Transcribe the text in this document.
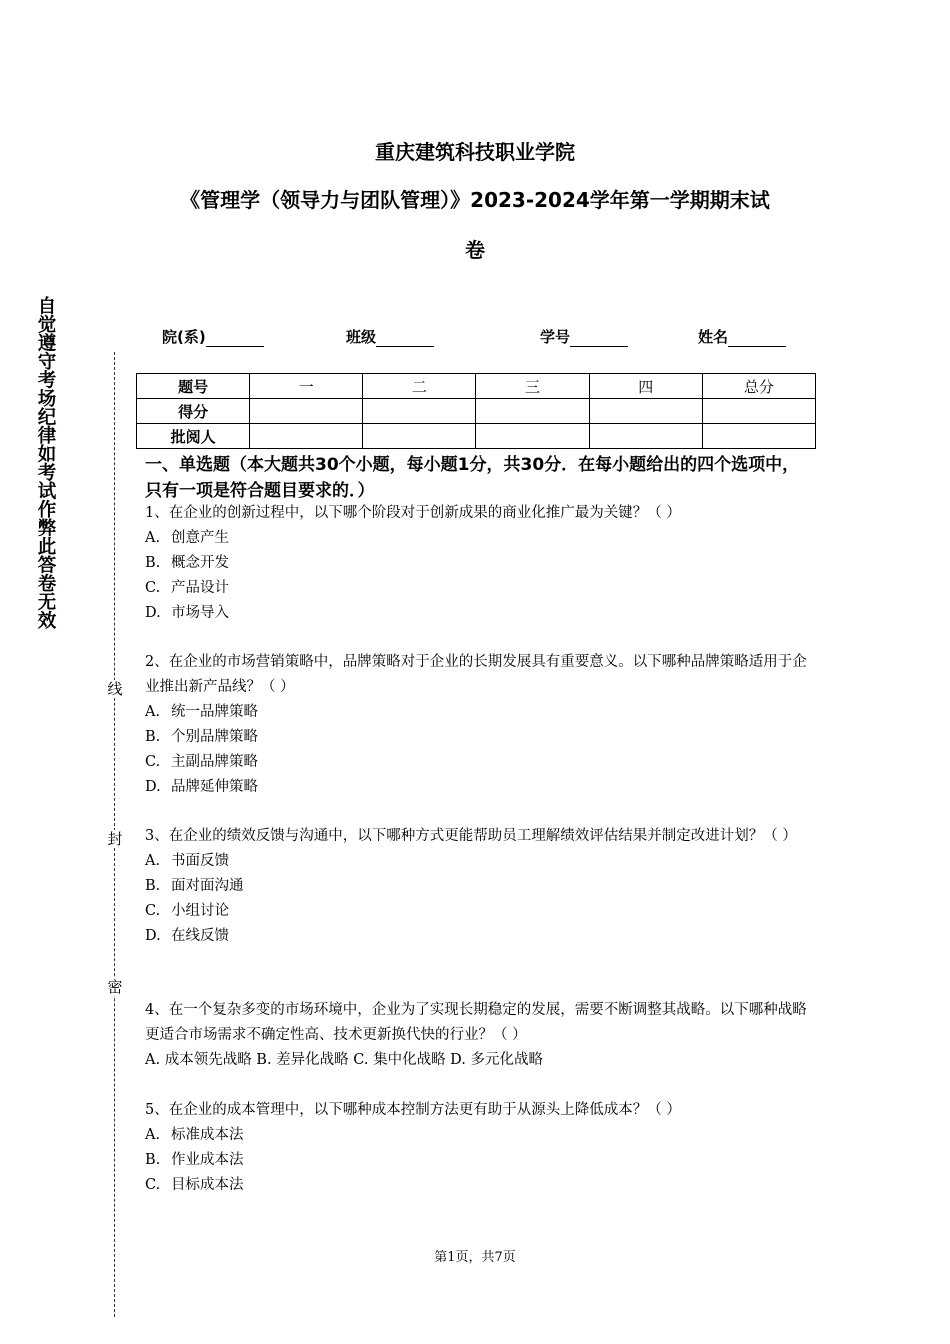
重庆建筑科技职业学院
《管理学（领导力与团队管理）》2023-2024学年第一学期期末试
卷
自觉遵守考场纪律如考试作弊此答卷无效
线
封
密
院(系)	班级	学号	姓名
题号	一	二	三	四	总分
得分					
批阅人					
一、单选题（本大题共30个小题，每小题1分，共30分．在每小题给出的四个选项中，只有一项是符合题目要求的．）
1、在企业的创新过程中，以下哪个阶段对于创新成果的商业化推广最为关键？（ ）
A. 创意产生
B. 概念开发
C. 产品设计
D. 市场导入
2、在企业的市场营销策略中，品牌策略对于企业的长期发展具有重要意义。以下哪种品牌策略适用于企业推出新产品线？（ ）
A. 统一品牌策略
B. 个别品牌策略
C. 主副品牌策略
D. 品牌延伸策略
3、在企业的绩效反馈与沟通中，以下哪种方式更能帮助员工理解绩效评估结果并制定改进计划？（ ）
A. 书面反馈
B. 面对面沟通
C. 小组讨论
D. 在线反馈
4、在一个复杂多变的市场环境中，企业为了实现长期稳定的发展，需要不断调整其战略。以下哪种战略更适合市场需求不确定性高、技术更新换代快的行业？（ ）
A. 成本领先战略 B. 差异化战略 C. 集中化战略 D. 多元化战略
5、在企业的成本管理中，以下哪种成本控制方法更有助于从源头上降低成本？（ ）
A. 标准成本法
B. 作业成本法
C. 目标成本法
第1页，共7页
